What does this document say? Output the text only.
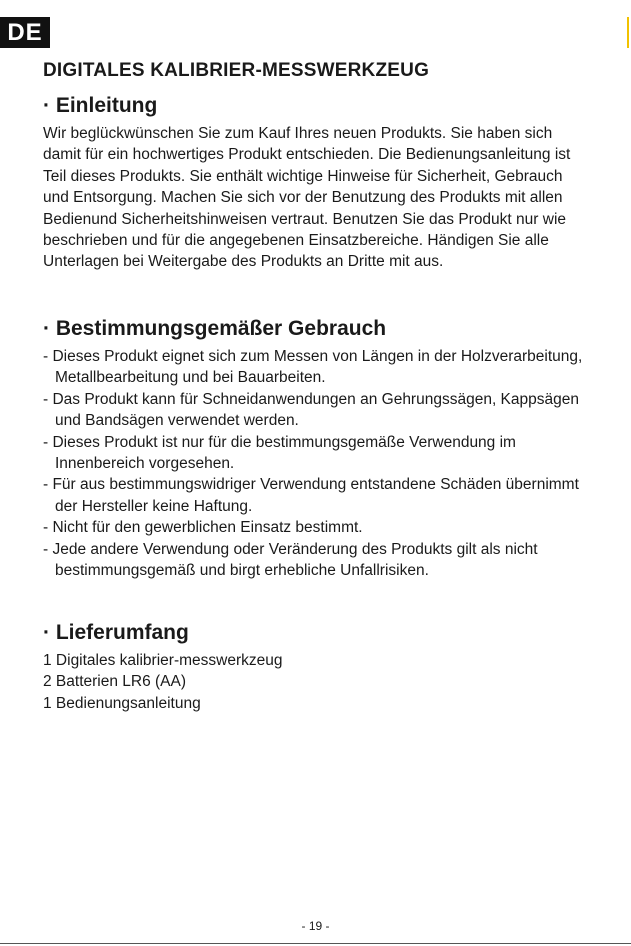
DE
DIGITALES KALIBRIER-MESSWERKZEUG
· Einleitung

Wir beglückwünschen Sie zum Kauf Ihres neuen Produkts. Sie haben sich damit für ein hochwertiges Produkt entschieden. Die Bedienungsanleitung ist Teil dieses Produkts. Sie enthält wichtige Hinweise für Sicherheit, Gebrauch und Entsorgung. Machen Sie sich vor der Benutzung des Produkts mit allen Bedienund Sicherheitshinweisen vertraut. Benutzen Sie das Produkt nur wie beschrieben und für die angegebenen Einsatzbereiche. Händigen Sie alle Unterlagen bei Weitergabe des Produkts an Dritte mit aus.

· Bestimmungsgemäßer Gebrauch
- Dieses Produkt eignet sich zum Messen von Längen in der Holzverarbeitung, Metallbearbeitung und bei Bauarbeiten.
- Das Produkt kann für Schneidanwendungen an Gehrungssägen, Kappsägen und Bandsägen verwendet werden.
- Dieses Produkt ist nur für die bestimmungsgemäße Verwendung im Innenbereich vorgesehen.
- Für aus bestimmungswidriger Verwendung entstandene Schäden übernimmt der Hersteller keine Haftung.
- Nicht für den gewerblichen Einsatz bestimmt.
- Jede andere Verwendung oder Veränderung des Produkts gilt als nicht bestimmungsgemäß und birgt erhebliche Unfallrisiken.
· Lieferumfang
1 Digitales kalibrier-messwerkzeug
2 Batterien LR6 (AA)
1 Bedienungsanleitung
- 19 -
